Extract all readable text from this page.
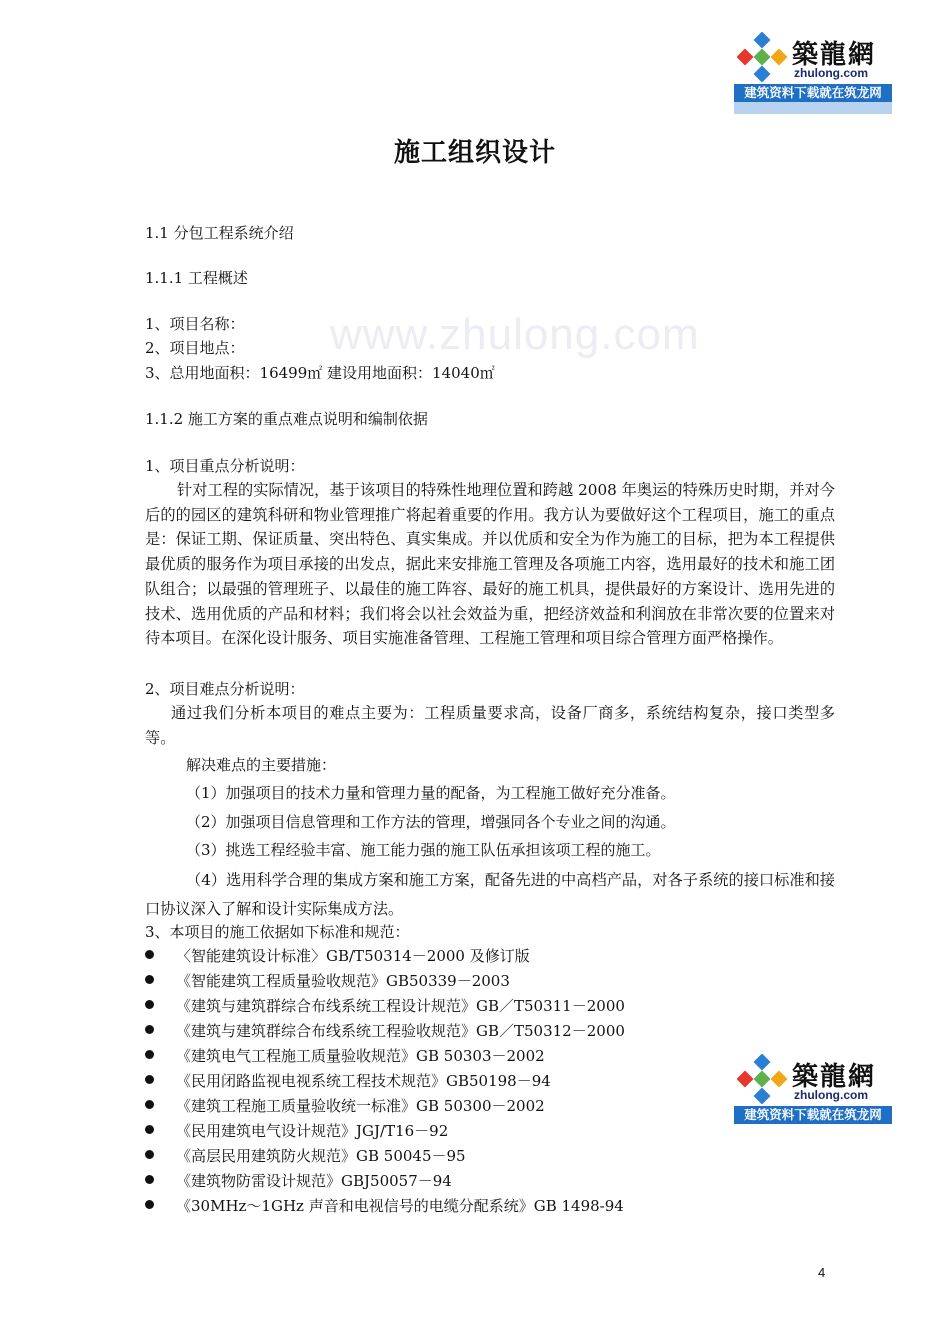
築龍網
zhulong.com
建筑资料下载就在筑龙网
www.zhulong.com
施工组织设计
1.1 分包工程系统介绍
1.1.1 工程概述
1、项目名称：
2、项目地点：
3、总用地面积：16499㎡ 建设用地面积：14040㎡
1.1.2 施工方案的重点难点说明和编制依据
1、项目重点分析说明：
针对工程的实际情况，基于该项目的特殊性地理位置和跨越 2008 年奥运的特殊历史时期，并对今后的的园区的建筑科研和物业管理推广将起着重要的作用。我方认为要做好这个工程项目，施工的重点是：保证工期、保证质量、突出特色、真实集成。并以优质和安全为作为施工的目标，把为本工程提供最优质的服务作为项目承接的出发点，据此来安排施工管理及各项施工内容，选用最好的技术和施工团队组合；以最强的管理班子、以最佳的施工阵容、最好的施工机具，提供最好的方案设计、选用先进的技术、选用优质的产品和材料；我们将会以社会效益为重，把经济效益和利润放在非常次要的位置来对待本项目。在深化设计服务、项目实施准备管理、工程施工管理和项目综合管理方面严格操作。
2、项目难点分析说明：
通过我们分析本项目的难点主要为：工程质量要求高，设备厂商多，系统结构复杂，接口类型多等。
解决难点的主要措施：
（1）加强项目的技术力量和管理力量的配备，为工程施工做好充分准备。
（2）加强项目信息管理和工作方法的管理，增强同各个专业之间的沟通。
（3）挑选工程经验丰富、施工能力强的施工队伍承担该项工程的施工。
（4）选用科学合理的集成方案和施工方案，配备先进的中高档产品，对各子系统的接口标准和接口协议深入了解和设计实际集成方法。
3、本项目的施工依据如下标准和规范：
〈智能建筑设计标准〉GB/T50314－2000 及修订版
《智能建筑工程质量验收规范》GB50339－2003
《建筑与建筑群综合布线系统工程设计规范》GB／T50311－2000
《建筑与建筑群综合布线系统工程验收规范》GB／T50312－2000
《建筑电气工程施工质量验收规范》GB 50303－2002
《民用闭路监视电视系统工程技术规范》GB50198－94
《建筑工程施工质量验收统一标准》GB 50300－2002
《民用建筑电气设计规范》JGJ/T16－92
《高层民用建筑防火规范》GB 50045－95
《建筑物防雷设计规范》GBJ50057－94
《30MHz～1GHz 声音和电视信号的电缆分配系统》GB 1498-94
築龍網
zhulong.com
建筑资料下载就在筑龙网
4
